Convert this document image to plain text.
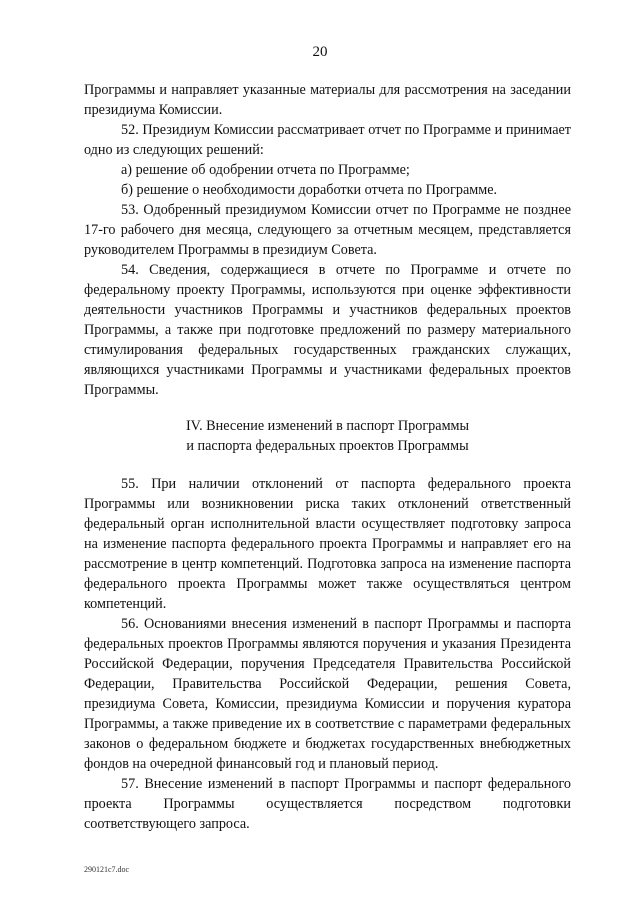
20

Программы и направляет указанные материалы для рассмотрения на заседании президиума Комиссии.

52. Президиум Комиссии рассматривает отчет по Программе и принимает одно из следующих решений:

а) решение об одобрении отчета по Программе;

б) решение о необходимости доработки отчета по Программе.

53. Одобренный президиумом Комиссии отчет по Программе не позднее 17-го рабочего дня месяца, следующего за отчетным месяцем, представляется руководителем Программы в президиум Совета.

54. Сведения, содержащиеся в отчете по Программе и отчете по федеральному проекту Программы, используются при оценке эффективности деятельности участников Программы и участников федеральных проектов Программы, а также при подготовке предложений по размеру материального стимулирования федеральных государственных гражданских служащих, являющихся участниками Программы и участниками федеральных проектов Программы.

IV. Внесение изменений в паспорт Программы
и паспорта федеральных проектов Программы

55. При наличии отклонений от паспорта федерального проекта Программы или возникновении риска таких отклонений ответственный федеральный орган исполнительной власти осуществляет подготовку запроса на изменение паспорта федерального проекта Программы и направляет его на рассмотрение в центр компетенций. Подготовка запроса на изменение паспорта федерального проекта Программы может также осуществляться центром компетенций.

56. Основаниями внесения изменений в паспорт Программы и паспорта федеральных проектов Программы являются поручения и указания Президента Российской Федерации, поручения Председателя Правительства Российской Федерации, Правительства Российской Федерации, решения Совета, президиума Совета, Комиссии, президиума Комиссии и поручения куратора Программы, а также приведение их в соответствие с параметрами федеральных законов о федеральном бюджете и бюджетах государственных внебюджетных фондов на очередной финансовый год и плановый период.

57. Внесение изменений в паспорт Программы и паспорт федерального проекта Программы осуществляется посредством подготовки соответствующего запроса.

290121c7.doc
